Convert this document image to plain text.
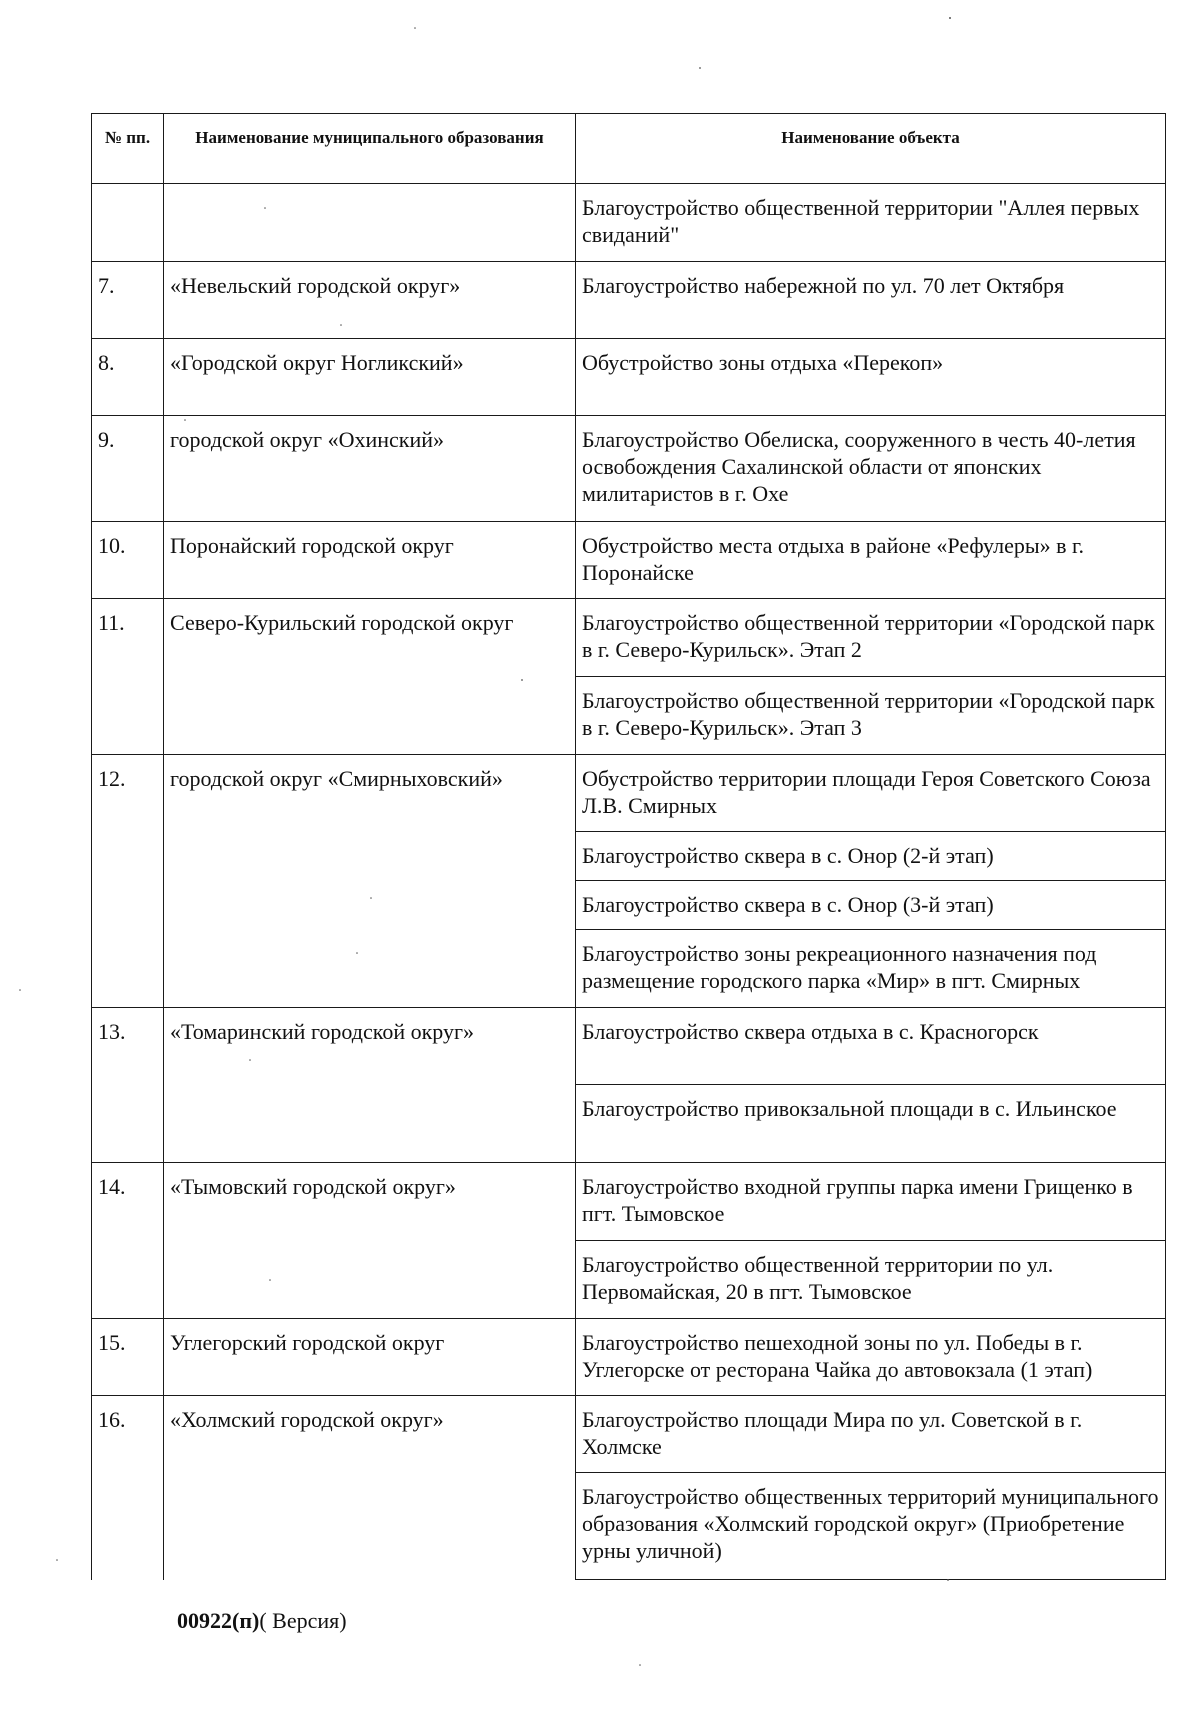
№ пп.	Наименование муниципального образования	Наименование объекта
		Благоустройство общественной территории "Аллея первых свиданий"
7.	«Невельский городской округ»	Благоустройство набережной по ул. 70 лет Октября
8.	«Городской округ Ногликский»	Обустройство зоны отдыха «Перекоп»
9.	городской округ «Охинский»	Благоустройство Обелиска, сооруженного в честь 40-летия освобождения Сахалинской области от японских милитаристов в г. Охе
10.	Поронайский городской округ	Обустройство места отдыха в районе «Рефулеры» в г. Поронайске
11.	Северо-Курильский городской округ	Благоустройство общественной территории «Городской парк в г. Северо-Курильск». Этап 2
		Благоустройство общественной территории «Городской парк в г. Северо-Курильск». Этап 3
12.	городской округ «Смирныховский»	Обустройство территории площади Героя Советского Союза Л.В. Смирных
		Благоустройство сквера в с. Онор (2-й этап)
		Благоустройство сквера в с. Онор (3-й этап)
		Благоустройство зоны рекреационного назначения под размещение городского парка «Мир» в пгт. Смирных
13.	«Томаринский городской округ»	Благоустройство сквера отдыха в с. Красногорск
		Благоустройство привокзальной площади в с. Ильинское
14.	«Тымовский городской округ»	Благоустройство входной группы парка имени Грищенко в пгт. Тымовское
		Благоустройство общественной территории по ул. Первомайская, 20 в пгт. Тымовское
15.	Углегорский городской округ	Благоустройство пешеходной зоны по ул. Победы в г. Углегорске от ресторана Чайка до автовокзала (1 этап)
16.	«Холмский городской округ»	Благоустройство площади Мира по ул. Советской в г. Холмске
		Благоустройство общественных территорий муниципального образования «Холмский городской округ» (Приобретение урны уличной)
00922(п)( Версия)
